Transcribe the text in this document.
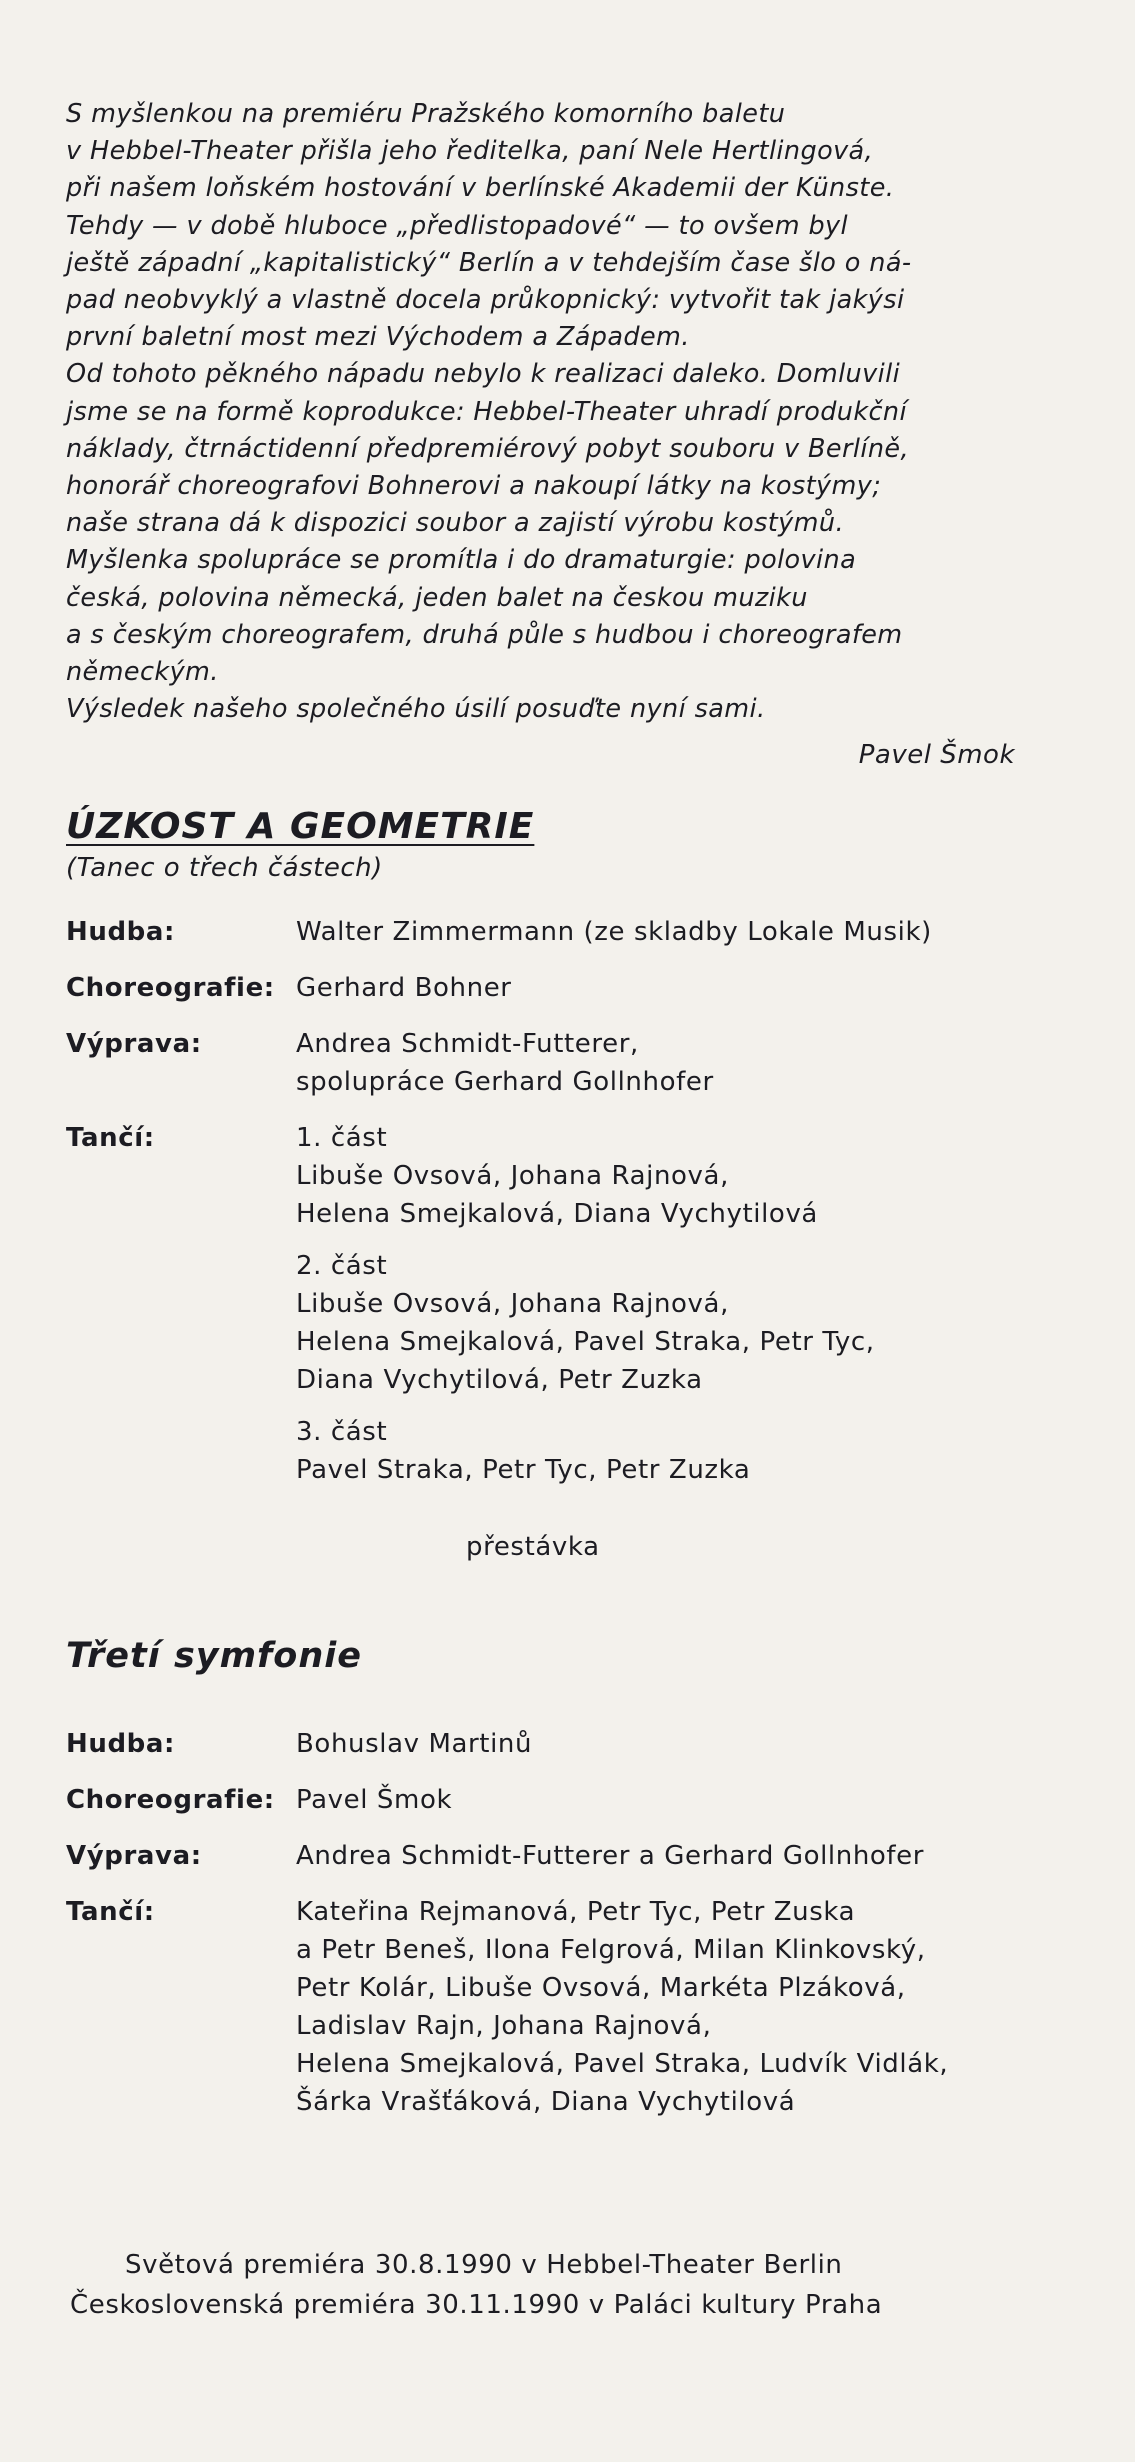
S myšlenkou na premiéru Pražského komorního baletu
v Hebbel-Theater přišla jeho ředitelka, paní Nele Hertlingová,
při našem loňském hostování v berlínské Akademii der Künste.
Tehdy — v době hluboce „předlistopadové“ — to ovšem byl
ještě západní „kapitalistický“ Berlín a v tehdejším čase šlo o ná-
pad neobvyklý a vlastně docela průkopnický: vytvořit tak jakýsi
první baletní most mezi Východem a Západem.
Od tohoto pěkného nápadu nebylo k realizaci daleko. Domluvili
jsme se na formě koprodukce: Hebbel-Theater uhradí produkční
náklady, čtrnáctidenní předpremiérový pobyt souboru v Berlíně,
honorář choreografovi Bohnerovi a nakoupí látky na kostýmy;
naše strana dá k dispozici soubor a zajistí výrobu kostýmů.
Myšlenka spolupráce se promítla i do dramaturgie: polovina
česká, polovina německá, jeden balet na českou muziku
a s českým choreografem, druhá půle s hudbou i choreografem
německým.
Výsledek našeho společného úsilí posuďte nyní sami.
Pavel Šmok
ÚZKOST A GEOMETRIE
(Tanec o třech částech)
Hudba:	Walter Zimmermann (ze skladby Lokale Musik)
Choreografie: Gerhard Bohner
Výprava:	Andrea Schmidt-Futterer,
spolupráce Gerhard Gollnhofer
Tančí:	1. část
Libuše Ovsová, Johana Rajnová,
Helena Smejkalová, Diana Vychytilová
2. část
Libuše Ovsová, Johana Rajnová,
Helena Smejkalová, Pavel Straka, Petr Tyc,
Diana Vychytilová, Petr Zuzka
3. část
Pavel Straka, Petr Tyc, Petr Zuzka
přestávka
Třetí symfonie
Hudba:	Bohuslav Martinů
Choreografie: Pavel Šmok
Výprava:	Andrea Schmidt-Futterer a Gerhard Gollnhofer
Tančí:	Kateřina Rejmanová, Petr Tyc, Petr Zuska
a Petr Beneš, Ilona Felgrová, Milan Klinkovský,
Petr Kolár, Libuše Ovsová, Markéta Plzáková,
Ladislav Rajn, Johana Rajnová,
Helena Smejkalová, Pavel Straka, Ludvík Vidlák,
Šárka Vrašťáková, Diana Vychytilová
Světová premiéra 30.8.1990 v Hebbel-Theater Berlin
Československá premiéra 30.11.1990 v Paláci kultury Praha
